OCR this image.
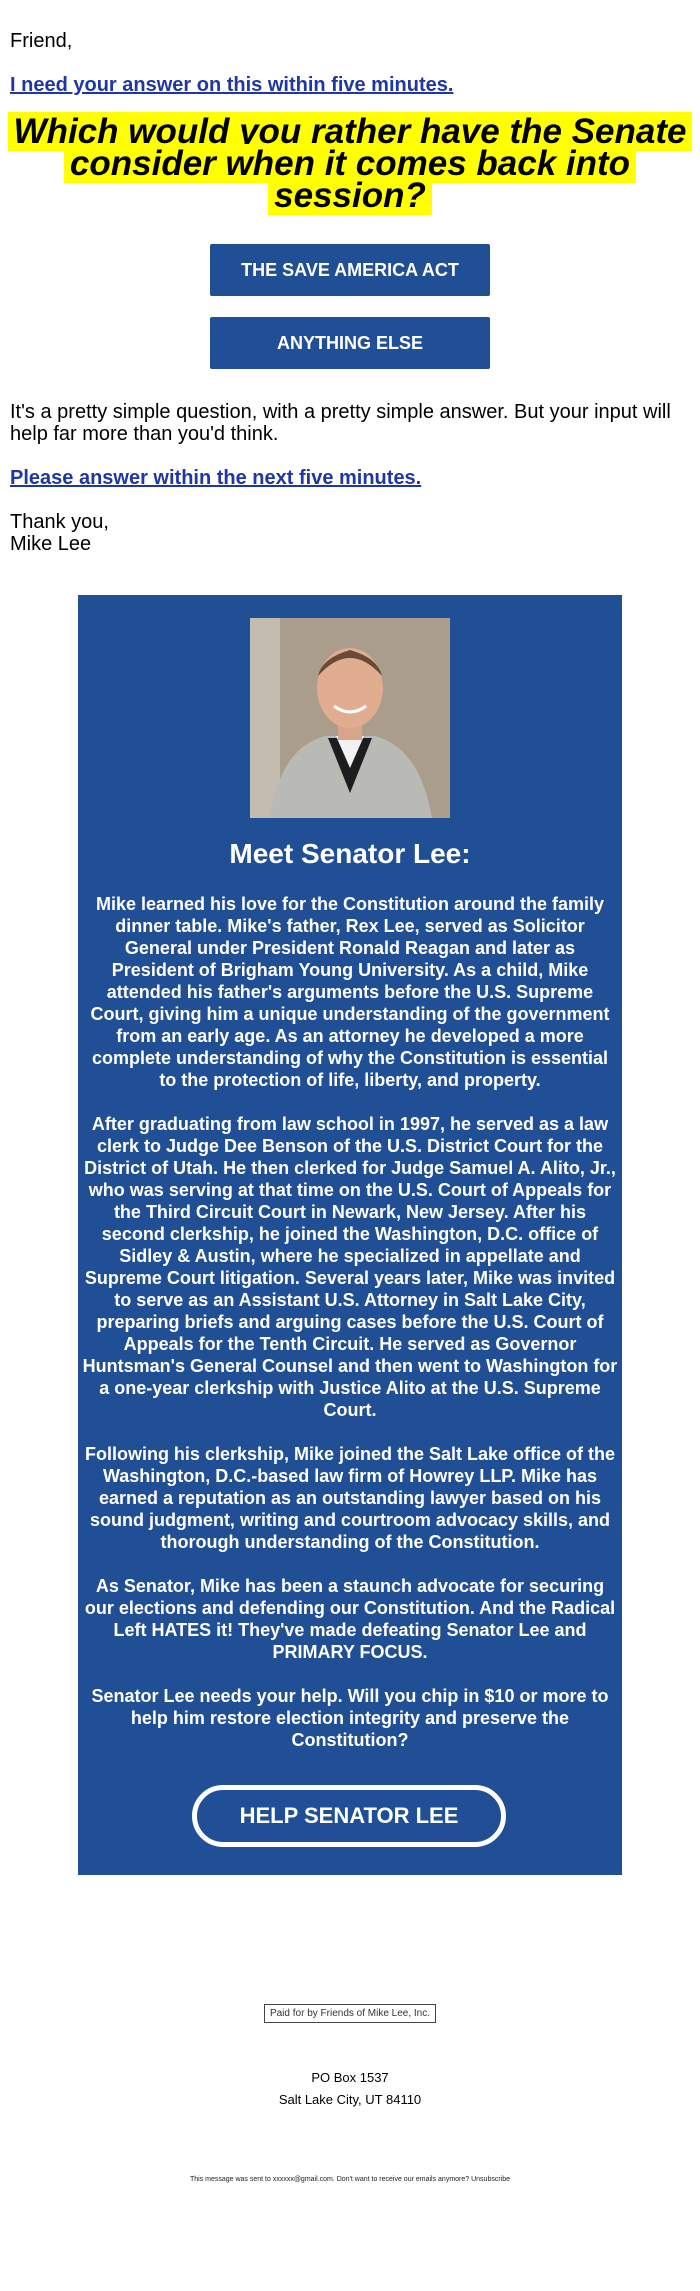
Friend,

I need your answer on this within five minutes.
Which would you rather have the Senate consider when it comes back into session?
THE SAVE AMERICA ACT
ANYTHING ELSE

It's a pretty simple question, with a pretty simple answer. But your input will help far more than you'd think.

Please answer within the next five minutes.

Thank you,

Mike Lee

Meet Senator Lee:

Mike learned his love for the Constitution around the family dinner table. Mike's father, Rex Lee, served as Solicitor General under President Ronald Reagan and later as President of Brigham Young University. As a child, Mike attended his father's arguments before the U.S. Supreme Court, giving him a unique understanding of the government from an early age. As an attorney he developed a more complete understanding of why the Constitution is essential to the protection of life, liberty, and property.

After graduating from law school in 1997, he served as a law clerk to Judge Dee Benson of the U.S. District Court for the District of Utah. He then clerked for Judge Samuel A. Alito, Jr., who was serving at that time on the U.S. Court of Appeals for the Third Circuit Court in Newark, New Jersey. After his second clerkship, he joined the Washington, D.C. office of Sidley & Austin, where he specialized in appellate and Supreme Court litigation. Several years later, Mike was invited to serve as an Assistant U.S. Attorney in Salt Lake City, preparing briefs and arguing cases before the U.S. Court of Appeals for the Tenth Circuit. He served as Governor Huntsman's General Counsel and then went to Washington for a one-year clerkship with Justice Alito at the U.S. Supreme Court.

Following his clerkship, Mike joined the Salt Lake office of the Washington, D.C.-based law firm of Howrey LLP. Mike has earned a reputation as an outstanding lawyer based on his sound judgment, writing and courtroom advocacy skills, and thorough understanding of the Constitution.

As Senator, Mike has been a staunch advocate for securing our elections and defending our Constitution. And the Radical Left HATES it! They've made defeating Senator Lee and PRIMARY FOCUS.

Senator Lee needs your help. Will you chip in $10 or more to help him restore election integrity and preserve the Constitution?

HELP SENATOR LEE
Paid for by Friends of Mike Lee, Inc.
PO Box 1537
Salt Lake City, UT 84110
This message was sent to xxxxxx@gmail.com. Don't want to receive our emails anymore? Unsubscribe
